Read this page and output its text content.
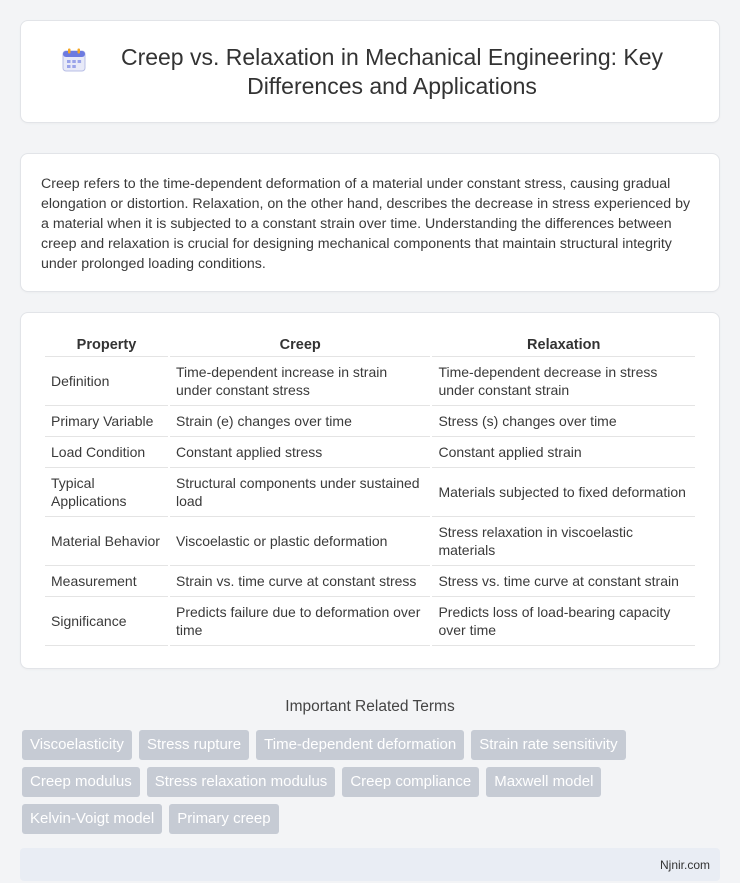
Creep vs. Relaxation in Mechanical Engineering: Key Differences and Applications

Creep refers to the time-dependent deformation of a material under constant stress, causing gradual elongation or distortion. Relaxation, on the other hand, describes the decrease in stress experienced by a material when it is subjected to a constant strain over time. Understanding the differences between creep and relaxation is crucial for designing mechanical components that maintain structural integrity under prolonged loading conditions.

Property	Creep	Relaxation
Definition	Time-dependent increase in strain under constant stress	Time-dependent decrease in stress under constant strain
Primary Variable	Strain (e) changes over time	Stress (s) changes over time
Load Condition	Constant applied stress	Constant applied strain
Typical Applications	Structural components under sustained load	Materials subjected to fixed deformation
Material Behavior	Viscoelastic or plastic deformation	Stress relaxation in viscoelastic materials
Measurement	Strain vs. time curve at constant stress	Stress vs. time curve at constant strain
Significance	Predicts failure due to deformation over time	Predicts loss of load-bearing capacity over time
Important Related Terms
Viscoelasticity	Stress rupture	Time-dependent deformation	Strain rate sensitivity
Creep modulus	Stress relaxation modulus	Creep compliance	Maxwell model
Kelvin-Voigt model	Primary creep
Njnir.com
